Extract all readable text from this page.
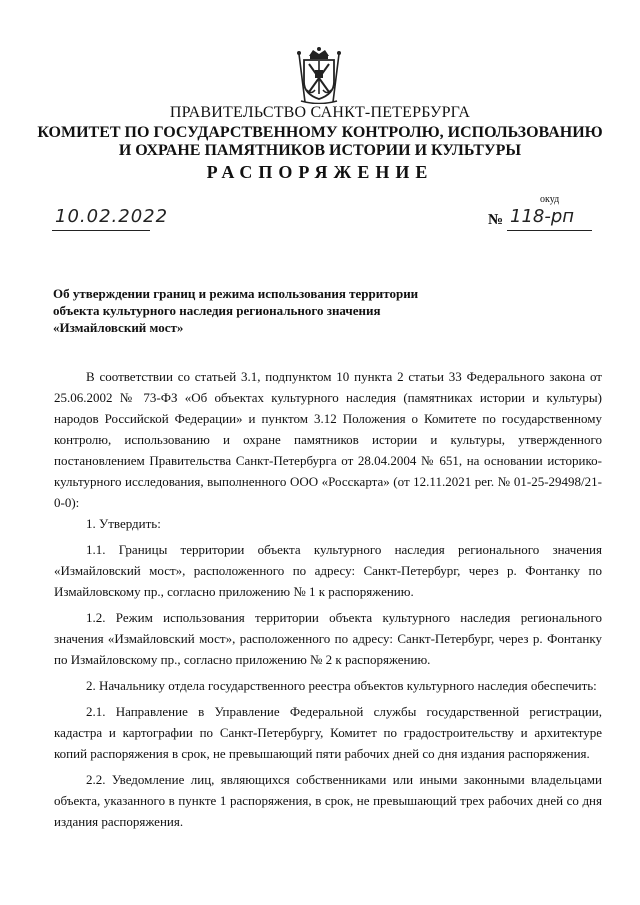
ПРАВИТЕЛЬСТВО САНКТ-ПЕТЕРБУРГА
КОМИТЕТ ПО ГОСУДАРСТВЕННОМУ КОНТРОЛЮ, ИСПОЛЬЗОВАНИЮ
И ОХРАНЕ ПАМЯТНИКОВ ИСТОРИИ И КУЛЬТУРЫ
РАСПОРЯЖЕНИЕ
окуд
10.02.2022	№ 118-рп
Об утверждении границ и режима использования территории
объекта культурного наследия регионального значения
«Измайловский мост»

В соответствии со статьей 3.1, подпунктом 10 пункта 2 статьи 33 Федерального закона от 25.06.2002 № 73-ФЗ «Об объектах культурного наследия (памятниках истории и культуры) народов Российской Федерации» и пунктом 3.12 Положения о Комитете по государственному контролю, использованию и охране памятников истории и культуры, утвержденного постановлением Правительства Санкт-Петербурга от 28.04.2004 № 651, на основании историко-культурного исследования, выполненного ООО «Росскарта» (от 12.11.2021 рег. № 01-25-29498/21-0-0):

1. Утвердить:

1.1. Границы территории объекта культурного наследия регионального значения «Измайловский мост», расположенного по адресу: Санкт-Петербург, через р. Фонтанку по Измайловскому пр., согласно приложению № 1 к распоряжению.

1.2. Режим использования территории объекта культурного наследия регионального значения «Измайловский мост», расположенного по адресу: Санкт-Петербург, через р. Фонтанку по Измайловскому пр., согласно приложению № 2 к распоряжению.

2. Начальнику отдела государственного реестра объектов культурного наследия обеспечить:

2.1. Направление в Управление Федеральной службы государственной регистрации, кадастра и картографии по Санкт-Петербургу, Комитет по градостроительству и архитектуре копий распоряжения в срок, не превышающий пяти рабочих дней со дня издания распоряжения.

2.2. Уведомление лиц, являющихся собственниками или иными законными владельцами объекта, указанного в пункте 1 распоряжения, в срок, не превышающий трех рабочих дней со дня издания распоряжения.
